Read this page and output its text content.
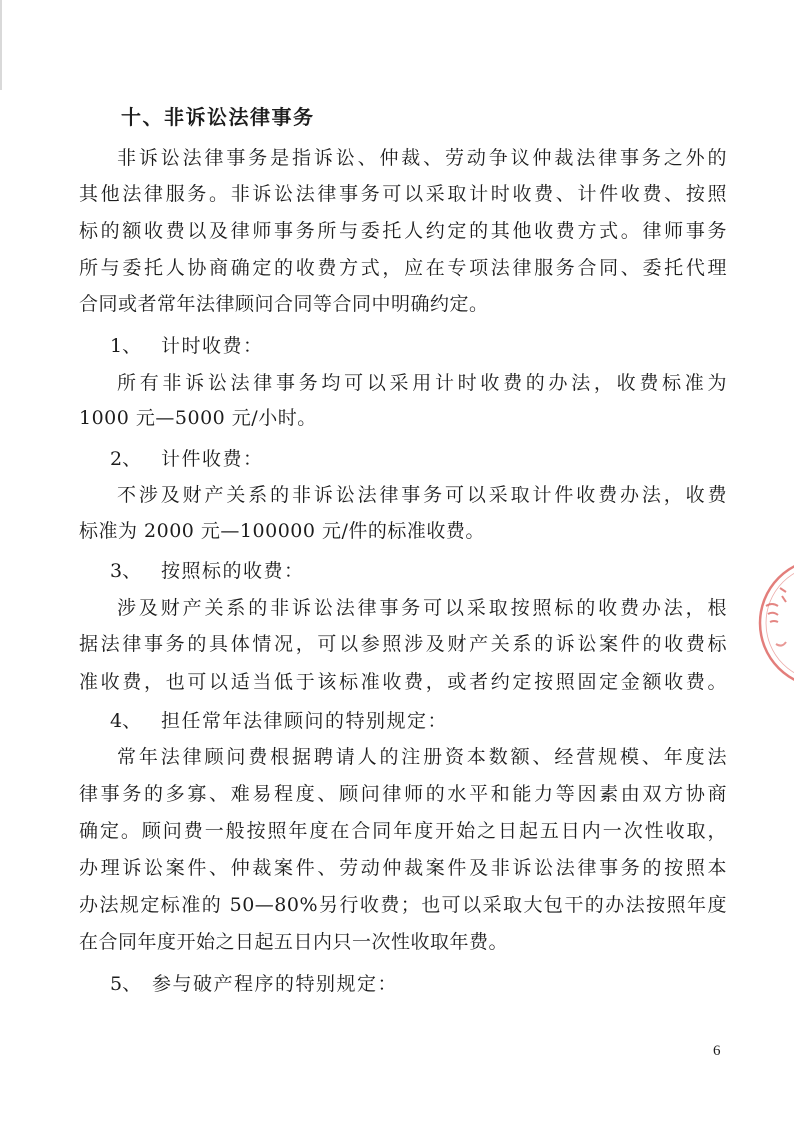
十、非诉讼法律事务
非诉讼法律事务是指诉讼、仲裁、劳动争议仲裁法律事务之外的
其他法律服务。非诉讼法律事务可以采取计时收费、计件收费、按照
标的额收费以及律师事务所与委托人约定的其他收费方式。律师事务
所与委托人协商确定的收费方式，应在专项法律服务合同、委托代理
合同或者常年法律顾问合同等合同中明确约定。
1、 计时收费：
所有非诉讼法律事务均可以采用计时收费的办法，收费标准为
1000 元—5000 元/小时。
2、 计件收费：
不涉及财产关系的非诉讼法律事务可以采取计件收费办法，收费
标准为 2000 元—100000 元/件的标准收费。
3、 按照标的收费：
涉及财产关系的非诉讼法律事务可以采取按照标的收费办法，根
据法律事务的具体情况，可以参照涉及财产关系的诉讼案件的收费标
准收费，也可以适当低于该标准收费，或者约定按照固定金额收费。
4、 担任常年法律顾问的特别规定：
常年法律顾问费根据聘请人的注册资本数额、经营规模、年度法
律事务的多寡、难易程度、顾问律师的水平和能力等因素由双方协商
确定。顾问费一般按照年度在合同年度开始之日起五日内一次性收取，
办理诉讼案件、仲裁案件、劳动仲裁案件及非诉讼法律事务的按照本
办法规定标准的 50—80%另行收费；也可以采取大包干的办法按照年度
在合同年度开始之日起五日内只一次性收取年费。
5、 参与破产程序的特别规定：
6
